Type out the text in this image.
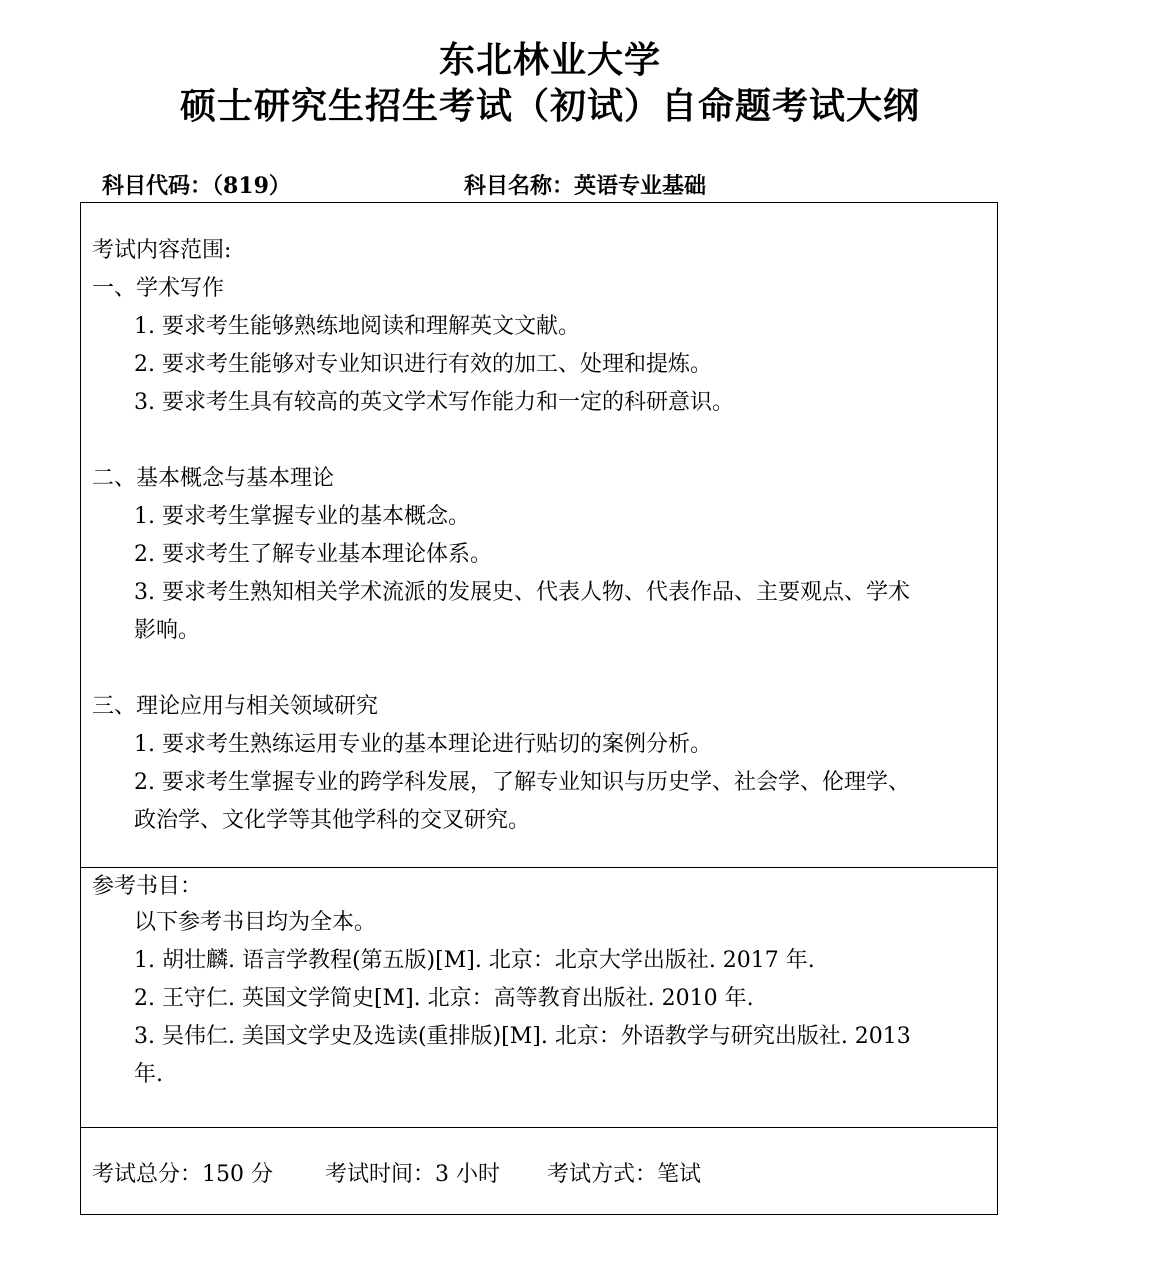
东北林业大学
硕士研究生招生考试（初试）自命题考试大纲
科目代码：（819）	科目名称：英语专业基础
考试内容范围:
一、学术写作
1. 要求考生能够熟练地阅读和理解英文文献。
2. 要求考生能够对专业知识进行有效的加工、处理和提炼。
3. 要求考生具有较高的英文学术写作能力和一定的科研意识。
二、基本概念与基本理论
1. 要求考生掌握专业的基本概念。
2. 要求考生了解专业基本理论体系。
3. 要求考生熟知相关学术流派的发展史、代表人物、代表作品、主要观点、学术
影响。
三、理论应用与相关领域研究
1. 要求考生熟练运用专业的基本理论进行贴切的案例分析。
2. 要求考生掌握专业的跨学科发展，了解专业知识与历史学、社会学、伦理学、
政治学、文化学等其他学科的交叉研究。
参考书目：
以下参考书目均为全本。
1. 胡壮麟. 语言学教程(第五版)[M]. 北京：北京大学出版社. 2017 年.
2. 王守仁. 英国文学简史[M]. 北京：高等教育出版社. 2010 年.
3. 吴伟仁. 美国文学史及选读(重排版)[M]. 北京：外语教学与研究出版社. 2013
年.
考试总分：150 分 考试时间：3 小时 考试方式：笔试
